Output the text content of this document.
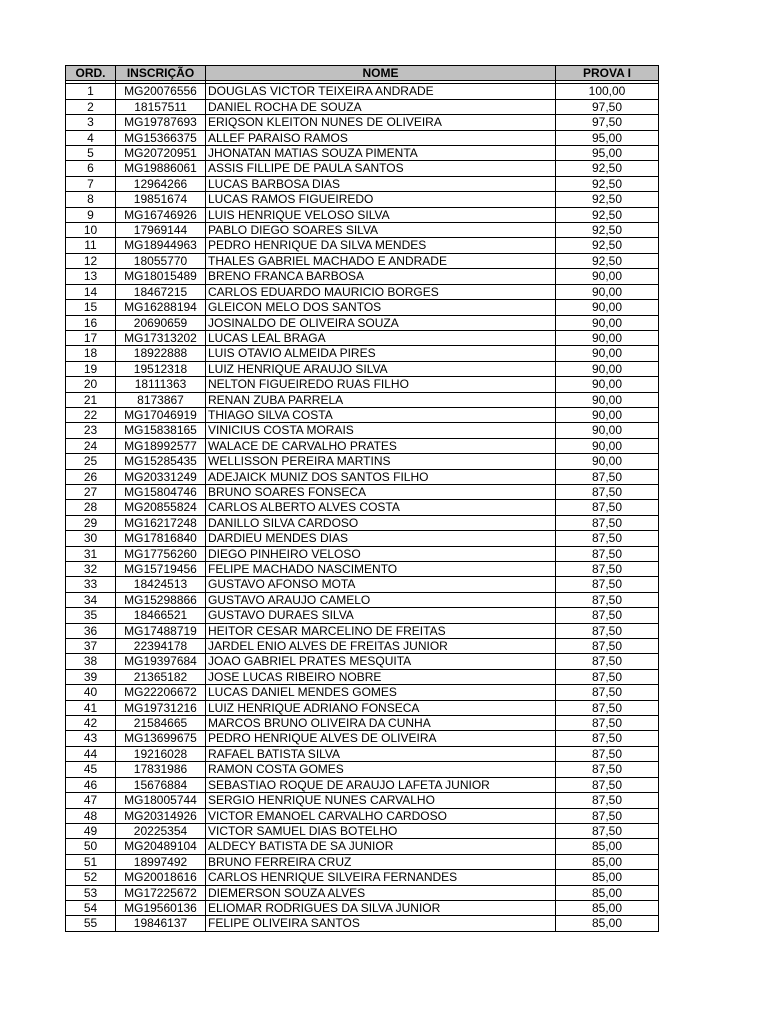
ORD.	INSCRIÇÃO	NOME	PROVA I

1	MG20076556	DOUGLAS VICTOR TEIXEIRA ANDRADE	100,00
2	18157511	DANIEL ROCHA DE SOUZA	97,50
3	MG19787693	ERIQSON KLEITON NUNES DE OLIVEIRA	97,50
4	MG15366375	ALLEF PARAISO RAMOS	95,00
5	MG20720951	JHONATAN MATIAS SOUZA PIMENTA	95,00
6	MG19886061	ASSIS FILLIPE DE PAULA SANTOS	92,50
7	12964266	LUCAS BARBOSA DIAS	92,50
8	19851674	LUCAS RAMOS FIGUEIREDO	92,50
9	MG16746926	LUIS HENRIQUE VELOSO SILVA	92,50
10	17969144	PABLO DIEGO SOARES SILVA	92,50
11	MG18944963	PEDRO HENRIQUE DA SILVA MENDES	92,50
12	18055770	THALES GABRIEL MACHADO E ANDRADE	92,50
13	MG18015489	BRENO FRANCA BARBOSA	90,00
14	18467215	CARLOS EDUARDO MAURICIO BORGES	90,00
15	MG16288194	GLEICON MELO DOS SANTOS	90,00
16	20690659	JOSINALDO DE OLIVEIRA SOUZA	90,00
17	MG17313202	LUCAS LEAL BRAGA	90,00
18	18922888	LUIS OTAVIO ALMEIDA PIRES	90,00
19	19512318	LUIZ HENRIQUE ARAUJO SILVA	90,00
20	18111363	NELTON FIGUEIREDO RUAS FILHO	90,00
21	8173867	RENAN ZUBA PARRELA	90,00
22	MG17046919	THIAGO SILVA COSTA	90,00
23	MG15838165	VINICIUS COSTA MORAIS	90,00
24	MG18992577	WALACE DE CARVALHO PRATES	90,00
25	MG15285435	WELLISSON PEREIRA MARTINS	90,00
26	MG20331249	ADEJAICK MUNIZ DOS SANTOS FILHO	87,50
27	MG15804746	BRUNO SOARES FONSECA	87,50
28	MG20855824	CARLOS ALBERTO ALVES COSTA	87,50
29	MG16217248	DANILLO SILVA CARDOSO	87,50
30	MG17816840	DARDIEU MENDES DIAS	87,50
31	MG17756260	DIEGO PINHEIRO VELOSO	87,50
32	MG15719456	FELIPE MACHADO NASCIMENTO	87,50
33	18424513	GUSTAVO AFONSO MOTA	87,50
34	MG15298866	GUSTAVO ARAUJO CAMELO	87,50
35	18466521	GUSTAVO DURAES SILVA	87,50
36	MG17488719	HEITOR CESAR MARCELINO DE FREITAS	87,50
37	22394178	JARDEL ENIO ALVES DE FREITAS JUNIOR	87,50
38	MG19397684	JOAO GABRIEL PRATES MESQUITA	87,50
39	21365182	JOSE LUCAS RIBEIRO NOBRE	87,50
40	MG22206672	LUCAS DANIEL MENDES GOMES	87,50
41	MG19731216	LUIZ HENRIQUE ADRIANO FONSECA	87,50
42	21584665	MARCOS BRUNO OLIVEIRA DA CUNHA	87,50
43	MG13699675	PEDRO HENRIQUE ALVES DE OLIVEIRA	87,50
44	19216028	RAFAEL BATISTA SILVA	87,50
45	17831986	RAMON COSTA GOMES	87,50
46	15676884	SEBASTIAO ROQUE DE ARAUJO LAFETA JUNIOR	87,50
47	MG18005744	SERGIO HENRIQUE NUNES CARVALHO	87,50
48	MG20314926	VICTOR EMANOEL CARVALHO CARDOSO	87,50
49	20225354	VICTOR SAMUEL DIAS BOTELHO	87,50
50	MG20489104	ALDECY BATISTA DE SA JUNIOR	85,00
51	18997492	BRUNO FERREIRA CRUZ	85,00
52	MG20018616	CARLOS HENRIQUE SILVEIRA FERNANDES	85,00
53	MG17225672	DIEMERSON SOUZA ALVES	85,00
54	MG19560136	ELIOMAR RODRIGUES DA SILVA JUNIOR	85,00
55	19846137	FELIPE OLIVEIRA SANTOS	85,00
